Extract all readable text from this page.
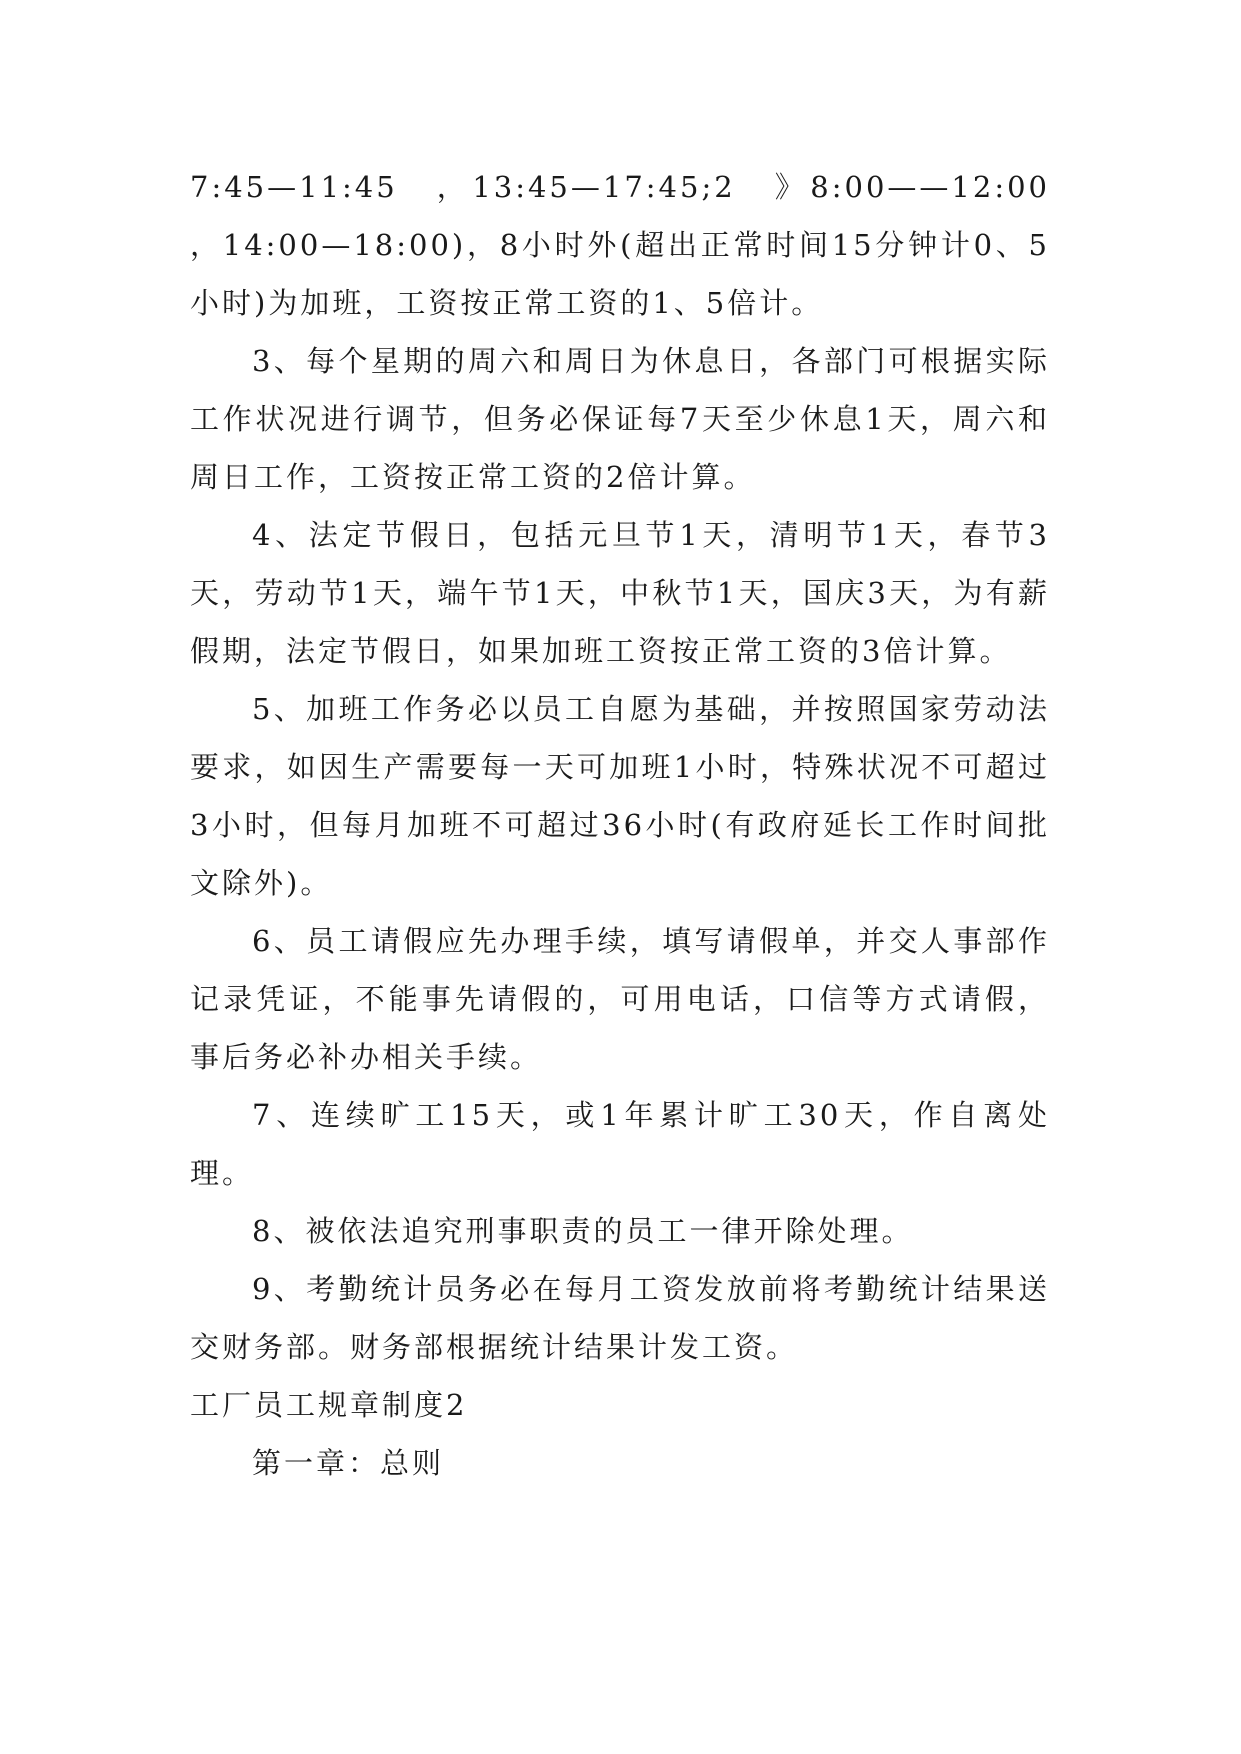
7:45—11:45　，13:45—17:45;2　》8:00——12:00　，14:00—18:00)，8小时外(超出正常时间15分钟计0、5小时)为加班，工资按正常工资的1、5倍计。

3、每个星期的周六和周日为休息日，各部门可根据实际工作状况进行调节，但务必保证每7天至少休息1天，周六和周日工作，工资按正常工资的2倍计算。

4、法定节假日，包括元旦节1天，清明节1天，春节3天，劳动节1天，端午节1天，中秋节1天，国庆3天，为有薪假期，法定节假日，如果加班工资按正常工资的3倍计算。

5、加班工作务必以员工自愿为基础，并按照国家劳动法要求，如因生产需要每一天可加班1小时，特殊状况不可超过3小时，但每月加班不可超过36小时(有政府延长工作时间批文除外)。

6、员工请假应先办理手续，填写请假单，并交人事部作记录凭证，不能事先请假的，可用电话，口信等方式请假，事后务必补办相关手续。

7、连续旷工15天，或1年累计旷工30天，作自离处理。

8、被依法追究刑事职责的员工一律开除处理。

9、考勤统计员务必在每月工资发放前将考勤统计结果送交财务部。财务部根据统计结果计发工资。

工厂员工规章制度2

第一章：总则
